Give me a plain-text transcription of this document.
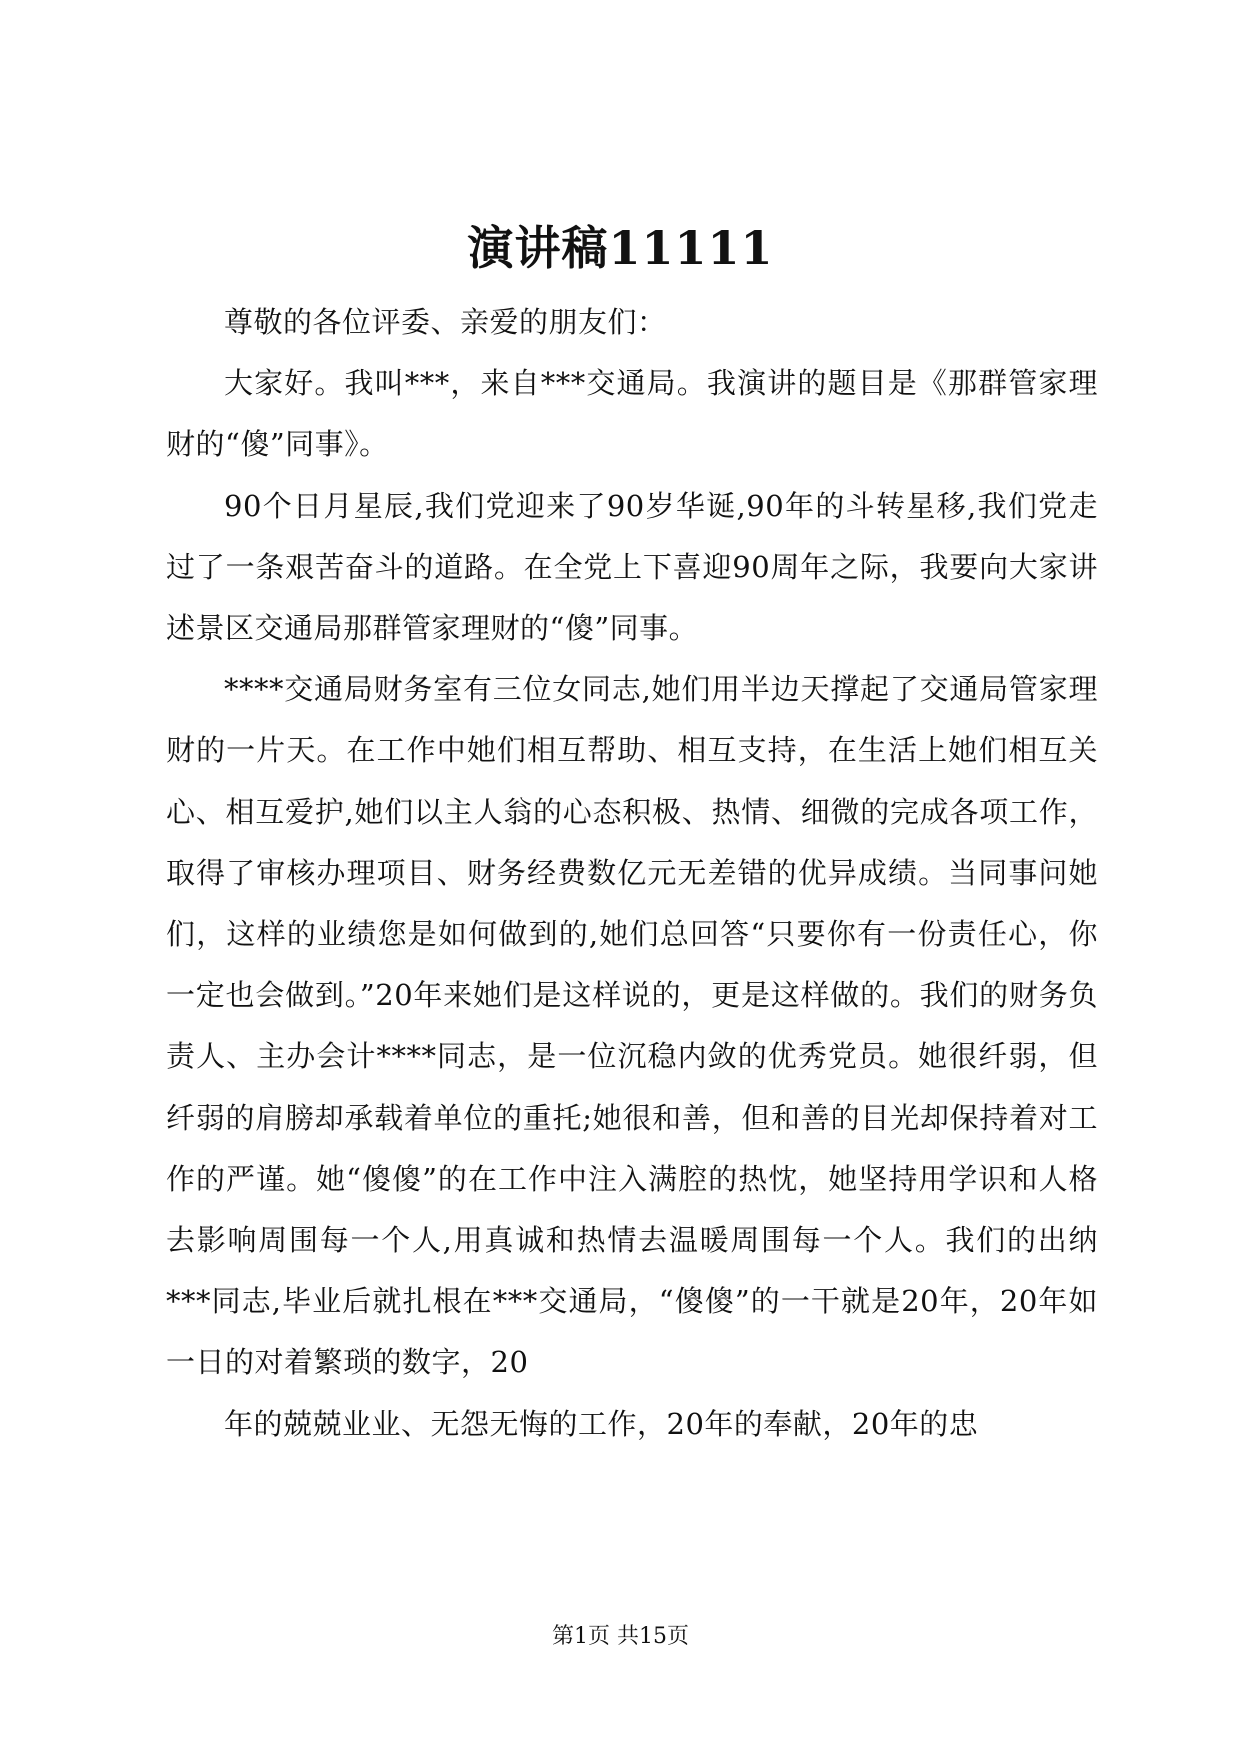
演讲稿11111

尊敬的各位评委、亲爱的朋友们：

大家好。我叫***，来自***交通局。我演讲的题目是《那群管家理财的“傻”同事》。

90个日月星辰,我们党迎来了90岁华诞,90年的斗转星移,我们党走过了一条艰苦奋斗的道路。在全党上下喜迎90周年之际，我要向大家讲述景区交通局那群管家理财的“傻”同事。

****交通局财务室有三位女同志,她们用半边天撑起了交通局管家理财的一片天。在工作中她们相互帮助、相互支持，在生活上她们相互关心、相互爱护,她们以主人翁的心态积极、热情、细微的完成各项工作，取得了审核办理项目、财务经费数亿元无差错的优异成绩。当同事问她们，这样的业绩您是如何做到的,她们总回答“只要你有一份责任心，你一定也会做到。”20年来她们是这样说的，更是这样做的。我们的财务负责人、主办会计****同志，是一位沉稳内敛的优秀党员。她很纤弱，但纤弱的肩膀却承载着单位的重托;她很和善，但和善的目光却保持着对工作的严谨。她“傻傻”的在工作中注入满腔的热忱，她坚持用学识和人格去影响周围每一个人,用真诚和热情去温暖周围每一个人。我们的出纳***同志,毕业后就扎根在***交通局，“傻傻”的一干就是20年，20年如一日的对着繁琐的数字，20

年的兢兢业业、无怨无悔的工作，20年的奉献，20年的忠

第1页 共15页
